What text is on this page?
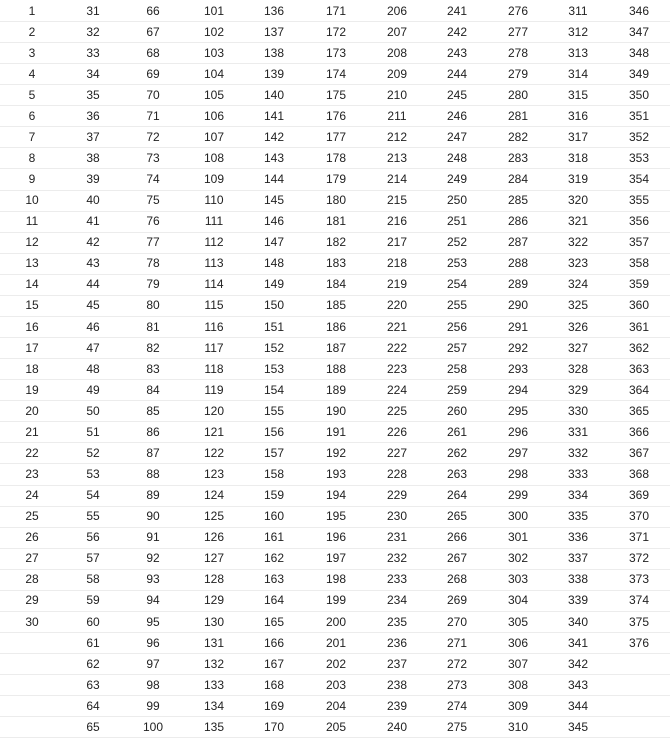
1
2
3
4
5
6
7
8
9
10
11
12
13
14
15
16
17
18
19
20
21
22
23
24
25
26
27
28
29
30
31
32
33
34
35
36
37
38
39
40
41
42
43
44
45
46
47
48
49
50
51
52
53
54
55
56
57
58
59
60
61
62
63
64
65
66
67
68
69
70
71
72
73
74
75
76
77
78
79
80
81
82
83
84
85
86
87
88
89
90
91
92
93
94
95
96
97
98
99
100
101
102
103
104
105
106
107
108
109
110
111
112
113
114
115
116
117
118
119
120
121
122
123
124
125
126
127
128
129
130
131
132
133
134
135
136
137
138
139
140
141
142
143
144
145
146
147
148
149
150
151
152
153
154
155
156
157
158
159
160
161
162
163
164
165
166
167
168
169
170
171
172
173
174
175
176
177
178
179
180
181
182
183
184
185
186
187
188
189
190
191
192
193
194
195
196
197
198
199
200
201
202
203
204
205
206
207
208
209
210
211
212
213
214
215
216
217
218
219
220
221
222
223
224
225
226
227
228
229
230
231
232
233
234
235
236
237
238
239
240
241
242
243
244
245
246
247
248
249
250
251
252
253
254
255
256
257
258
259
260
261
262
263
264
265
266
267
268
269
270
271
272
273
274
275
276
277
278
279
280
281
282
283
284
285
286
287
288
289
290
291
292
293
294
295
296
297
298
299
300
301
302
303
304
305
306
307
308
309
310
311
312
313
314
315
316
317
318
319
320
321
322
323
324
325
326
327
328
329
330
331
332
333
334
335
336
337
338
339
340
341
342
343
344
345
346
347
348
349
350
351
352
353
354
355
356
357
358
359
360
361
362
363
364
365
366
367
368
369
370
371
372
373
374
375
376
